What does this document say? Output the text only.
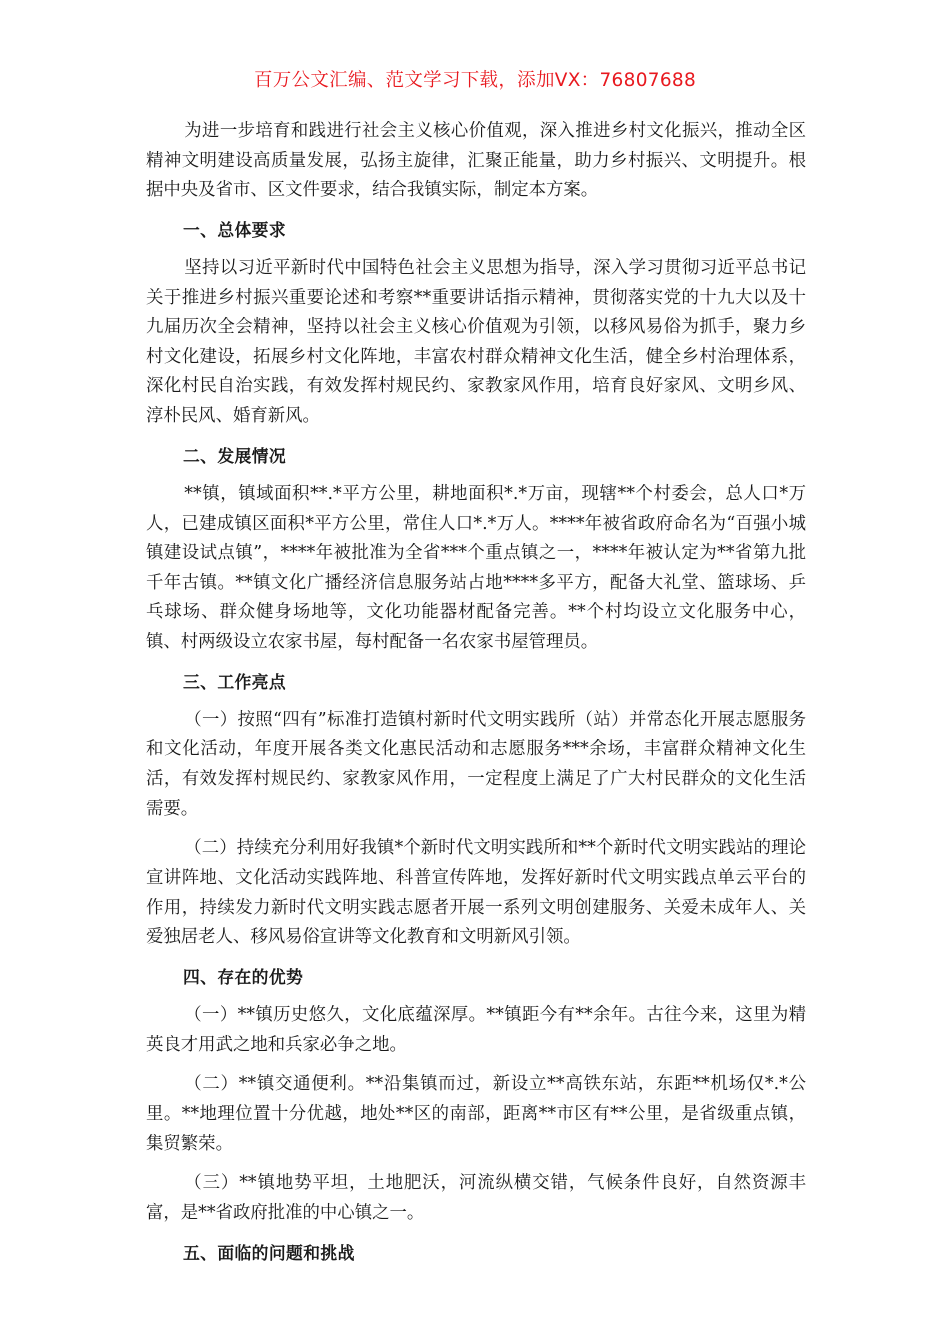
百万公文汇编、范文学习下载，添加VX：76807688

为进一步培育和践进行社会主义核心价值观，深入推进乡村文化振兴，推动全区精神文明建设高质量发展，弘扬主旋律，汇聚正能量，助力乡村振兴、文明提升。根据中央及省市、区文件要求，结合我镇实际，制定本方案。

一、总体要求

坚持以习近平新时代中国特色社会主义思想为指导，深入学习贯彻习近平总书记关于推进乡村振兴重要论述和考察**重要讲话指示精神，贯彻落实党的十九大以及十九届历次全会精神，坚持以社会主义核心价值观为引领，以移风易俗为抓手，聚力乡村文化建设，拓展乡村文化阵地，丰富农村群众精神文化生活，健全乡村治理体系，深化村民自治实践，有效发挥村规民约、家教家风作用，培育良好家风、文明乡风、淳朴民风、婚育新风。

二、发展情况

**镇，镇域面积**.*平方公里，耕地面积*.*万亩，现辖**个村委会，总人口*万人，已建成镇区面积*平方公里，常住人口*.*万人。****年被省政府命名为“百强小城镇建设试点镇”，****年被批准为全省***个重点镇之一，****年被认定为**省第九批千年古镇。**镇文化广播经济信息服务站占地****多平方，配备大礼堂、篮球场、乒乓球场、群众健身场地等，文化功能器材配备完善。**个村均设立文化服务中心，镇、村两级设立农家书屋，每村配备一名农家书屋管理员。

三、工作亮点

（一）按照“四有”标准打造镇村新时代文明实践所（站）并常态化开展志愿服务和文化活动，年度开展各类文化惠民活动和志愿服务***余场，丰富群众精神文化生活，有效发挥村规民约、家教家风作用，一定程度上满足了广大村民群众的文化生活需要。

（二）持续充分利用好我镇*个新时代文明实践所和**个新时代文明实践站的理论宣讲阵地、文化活动实践阵地、科普宣传阵地，发挥好新时代文明实践点单云平台的作用，持续发力新时代文明实践志愿者开展一系列文明创建服务、关爱未成年人、关爱独居老人、移风易俗宣讲等文化教育和文明新风引领。

四、存在的优势

（一）**镇历史悠久，文化底蕴深厚。**镇距今有**余年。古往今来，这里为精英良才用武之地和兵家必争之地。

（二）**镇交通便利。**沿集镇而过，新设立**高铁东站，东距**机场仅*.*公里。**地理位置十分优越，地处**区的南部，距离**市区有**公里，是省级重点镇，集贸繁荣。

（三）**镇地势平坦，土地肥沃，河流纵横交错，气候条件良好，自然资源丰富，是**省政府批准的中心镇之一。

五、面临的问题和挑战
